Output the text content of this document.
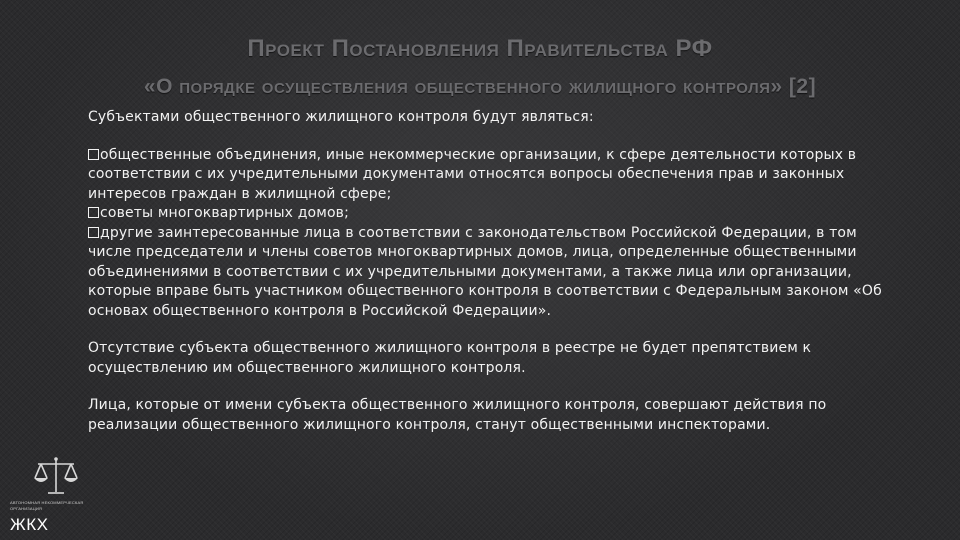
Проект Постановления Правительства РФ
«О порядке осуществления общественного жилищного контроля» [2]

Субъектами общественного жилищного контроля будут являться:

общественные объединения, иные некоммерческие организации, к сфере деятельности которых в соответствии с их учредительными документами относятся вопросы обеспечения прав и законных интересов граждан в жилищной сфере;

советы многоквартирных домов;

другие заинтересованные лица в соответствии с законодательством Российской Федерации, в том числе председатели и члены советов многоквартирных домов, лица, определенные общественными объединениями в соответствии с их учредительными документами, а также лица или организации, которые вправе быть участником общественного контроля в соответствии с Федеральным законом «Об основах общественного контроля в Российской Федерации».

Отсутствие субъекта общественного жилищного контроля в реестре не будет препятствием к осуществлению им общественного жилищного контроля.

Лица, которые от имени субъекта общественного жилищного контроля, совершают действия по реализации общественного жилищного контроля, станут общественными инспекторами.

АВТОНОМНАЯ НЕКОММЕРЧЕСКАЯ ОРГАНИЗАЦИЯ
ЖКХ
